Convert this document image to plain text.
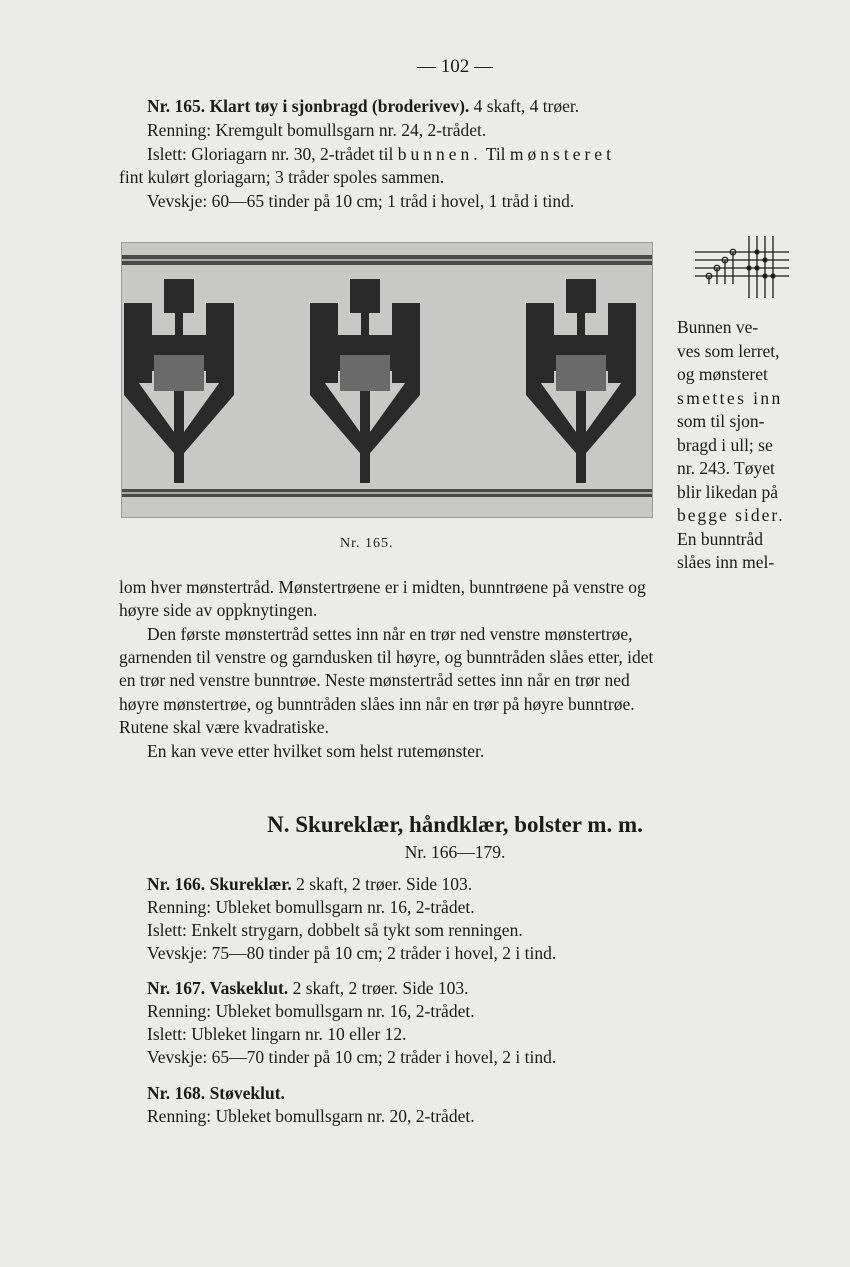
— 102 —
Nr. 165. Klart tøy i sjonbragd (broderivev). 4 skaft, 4 trøer.
Renning: Kremgult bomullsgarn nr. 24, 2-trådet.
Islett: Gloriagarn nr. 30, 2-trådet til bunnen. Til mønsteret
fint kulørt gloriagarn; 3 tråder spoles sammen.
Vevskje: 60—65 tinder på 10 cm; 1 tråd i hovel, 1 tråd i tind.
Nr. 165.
Bunnen ve-
ves som lerret,
og mønsteret
smettes inn
som til sjon-
bragd i ull; se
nr. 243. Tøyet
blir likedan på
begge sider.
En bunntråd
slåes inn mel-
lom hver mønstertråd. Mønstertrøene er i midten, bunntrøene på venstre og
høyre side av oppknytingen.
Den første mønstertråd settes inn når en trør ned venstre mønstertrøe,
garnenden til venstre og garndusken til høyre, og bunntråden slåes etter, idet
en trør ned venstre bunntrøe. Neste mønstertråd settes inn når en trør ned
høyre mønstertrøe, og bunntråden slåes inn når en trør på høyre bunntrøe.
Rutene skal være kvadratiske.
En kan veve etter hvilket som helst rutemønster.
N. Skureklær, håndklær, bolster m. m.
Nr. 166—179.
Nr. 166. Skureklær. 2 skaft, 2 trøer. Side 103.
Renning: Ubleket bomullsgarn nr. 16, 2-trådet.
Islett: Enkelt strygarn, dobbelt så tykt som renningen.
Vevskje: 75—80 tinder på 10 cm; 2 tråder i hovel, 2 i tind.
Nr. 167. Vaskeklut. 2 skaft, 2 trøer. Side 103.
Renning: Ubleket bomullsgarn nr. 16, 2-trådet.
Islett: Ubleket lingarn nr. 10 eller 12.
Vevskje: 65—70 tinder på 10 cm; 2 tråder i hovel, 2 i tind.
Nr. 168. Støveklut.
Renning: Ubleket bomullsgarn nr. 20, 2-trådet.
